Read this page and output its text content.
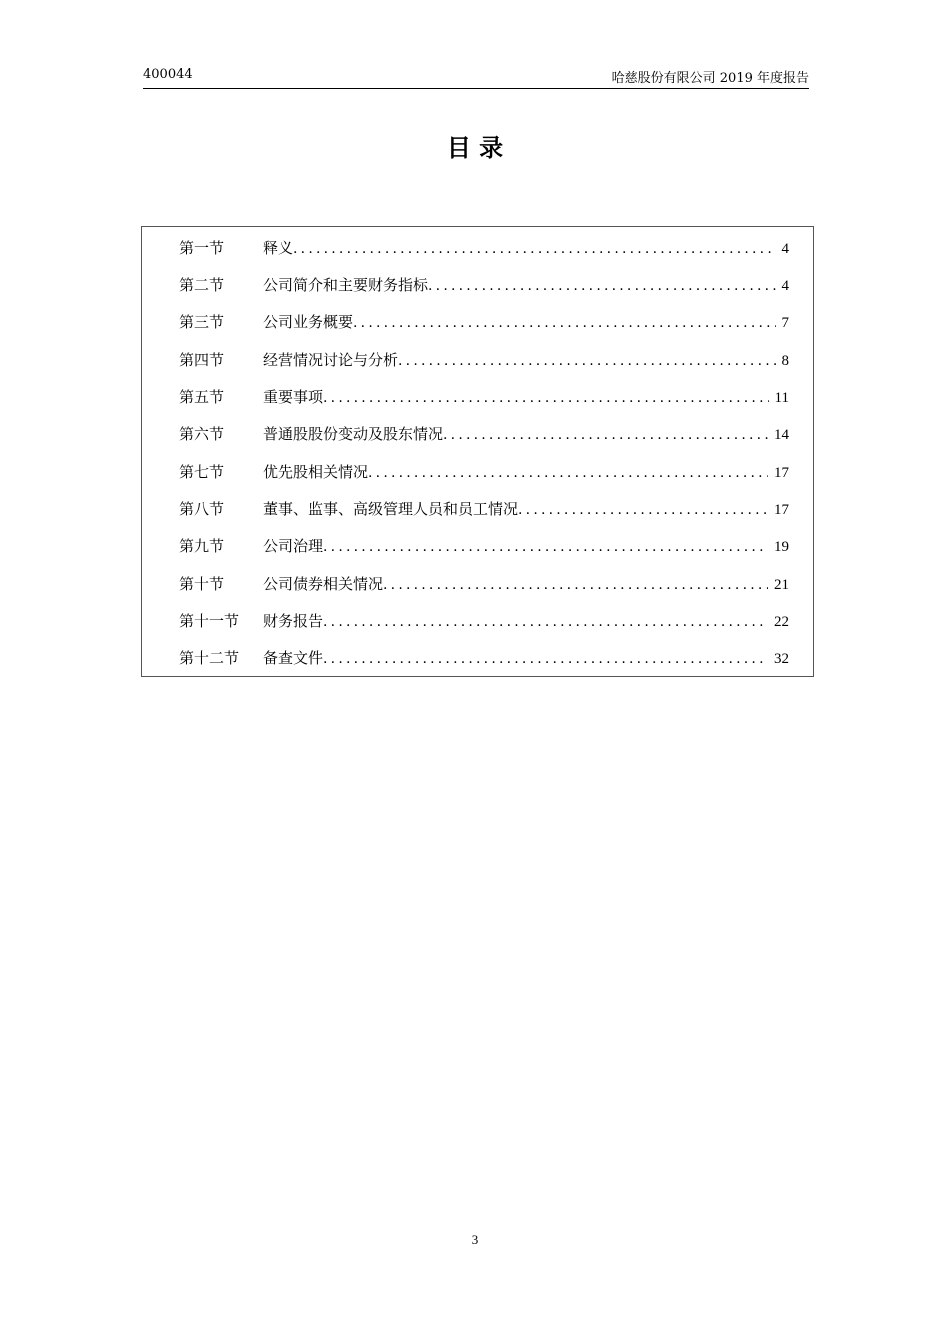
400044	哈慈股份有限公司 2019 年度报告
目 录
第一节	释义 .....	4
第二节	公司简介和主要财务指标 .....	4
第三节	公司业务概要 .....	7
第四节	经营情况讨论与分析 .....	8
第五节	重要事项 .....	11
第六节	普通股股份变动及股东情况 .....	14
第七节	优先股相关情况 .....	17
第八节	董事、监事、高级管理人员和员工情况 .....	17
第九节	公司治理 .....	19
第十节	公司债券相关情况 .....	21
第十一节 财务报告 .....	22
第十二节 备查文件 .....	32
3
